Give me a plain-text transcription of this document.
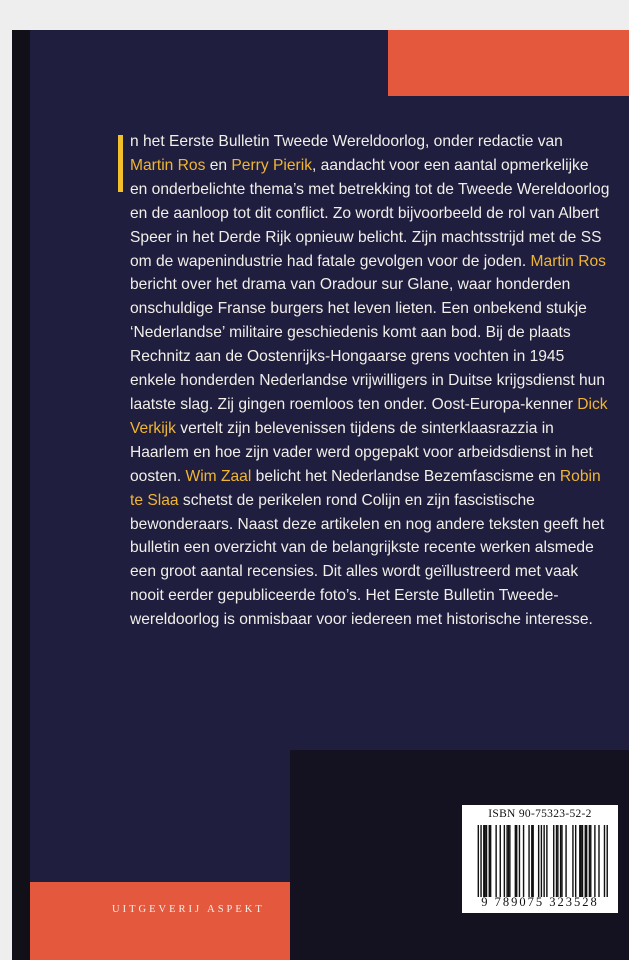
n het Eerste Bulletin Tweede Wereldoorlog, onder redactie van Martin Ros en Perry Pierik, aandacht voor een aantal opmerkelijke en onderbelichte thema’s met betrekking tot de Tweede Wereldoorlog en de aanloop tot dit conflict. Zo wordt bijvoorbeeld de rol van Albert Speer in het Derde Rijk opnieuw belicht. Zijn machtsstrijd met de SS om de wapenindustrie had fatale gevolgen voor de joden. Martin Ros bericht over het drama van Oradour sur Glane, waar honderden onschuldige Franse burgers het leven lieten. Een onbekend stukje ‘Nederlandse’ militaire geschiedenis komt aan bod. Bij de plaats Rechnitz aan de Oostenrijks-Hongaarse grens vochten in 1945 enkele honderden Nederlandse vrijwilligers in Duitse krijgsdienst hun laatste slag. Zij gingen roemloos ten onder. Oost-Europa-kenner Dick Verkijk vertelt zijn belevenissen tijdens de sinterklaasrazzia in Haarlem en hoe zijn vader werd opgepakt voor arbeidsdienst in het oosten. Wim Zaal belicht het Nederlandse Bezemfascisme en Robin te Slaa schetst de perikelen rond Colijn en zijn fascistische bewonderaars. Naast deze artikelen en nog andere teksten geeft het bulletin een overzicht van de belangrijkste recente werken alsmede een groot aantal recensies. Dit alles wordt geïllustreerd met vaak nooit eerder gepubliceerde foto’s. Het Eerste Bulletin Tweede-wereldoorlog is onmisbaar voor iedereen met historische interesse.

ISBN 90-75323-52-2
9 789075 323528
UITGEVERIJ ASPEKT
